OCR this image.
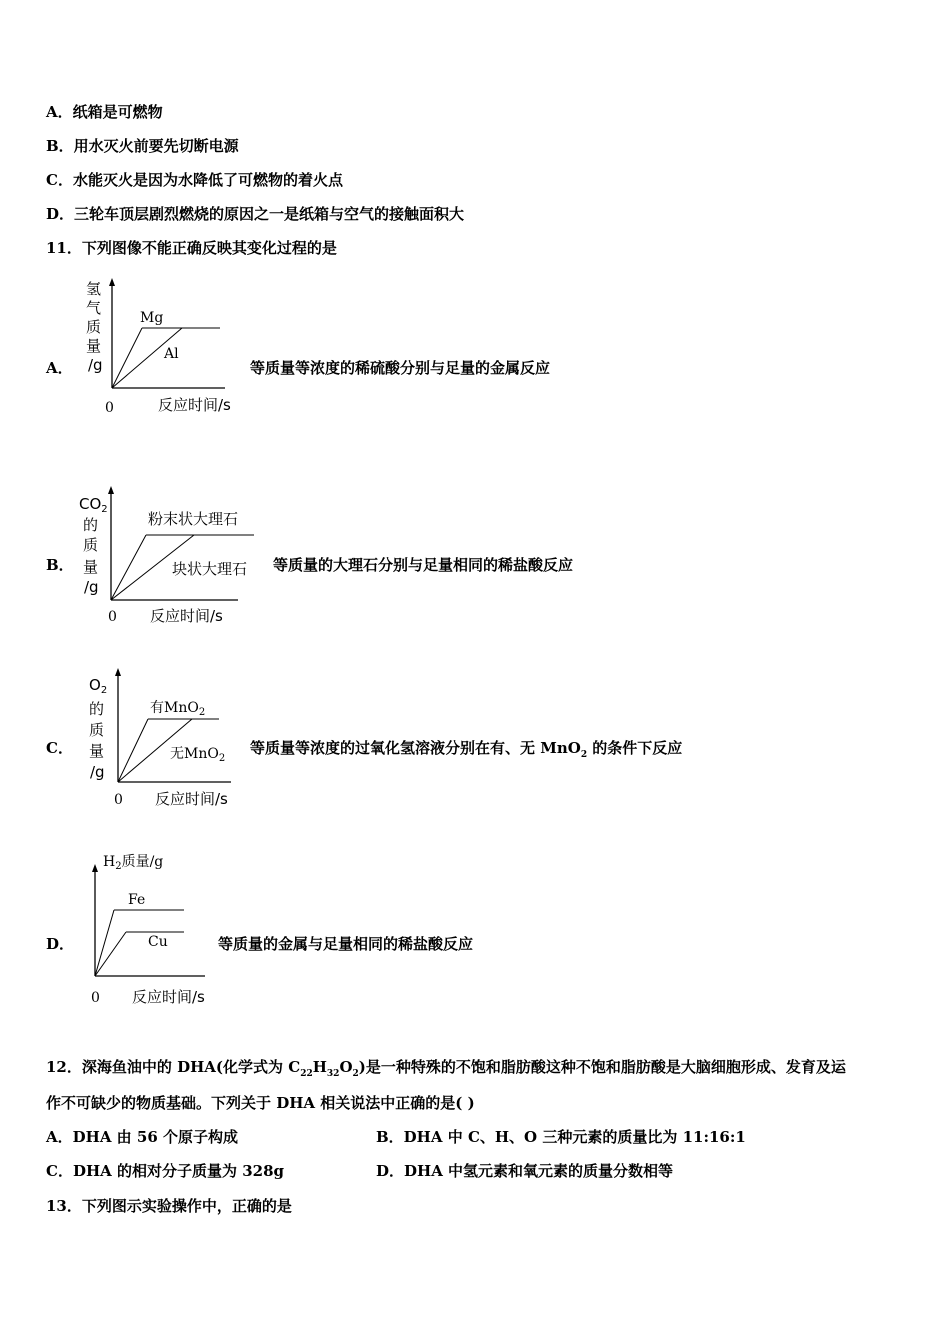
A．纸箱是可燃物
B．用水灭火前要先切断电源
C．水能灭火是因为水降低了可燃物的着火点
D．三轮车顶层剧烈燃烧的原因之一是纸箱与空气的接触面积大
11．下列图像不能正确反映其变化过程的是
A．
氢
气
质
量
/g
Mg
Al
0	反应时间/s
等质量等浓度的稀硫酸分别与足量的金属反应
B．
$CO_2$
的
质
量
/g
粉末状大理石
块状大理石
0 反应时间/s
等质量的大理石分别与足量相同的稀盐酸反应
C．
$O_2$
的
质
量
/g
有MnO$_2$
无MnO$_2$
0 反应时间/s
等质量等浓度的过氧化氢溶液分别在有、无 MnO$_2$ 的条件下反应
D．
$H_2$质量/g
Fe
Cu
0 反应时间/s
等质量的金属与足量相同的稀盐酸反应
12．深海鱼油中的 DHA(化学式为 $C_{22}H_{32}O_2$)是一种特殊的不饱和脂肪酸这种不饱和脂肪酸是大脑细胞形成、发育及运
作不可缺少的物质基础。下列关于 DHA 相关说法中正确的是( )
A．DHA 由 56 个原子构成	B．DHA 中 C、H、O 三种元素的质量比为 11:16:1
C．DHA 的相对分子质量为 328g	D．DHA 中氢元素和氧元素的质量分数相等
13．下列图示实验操作中，正确的是
